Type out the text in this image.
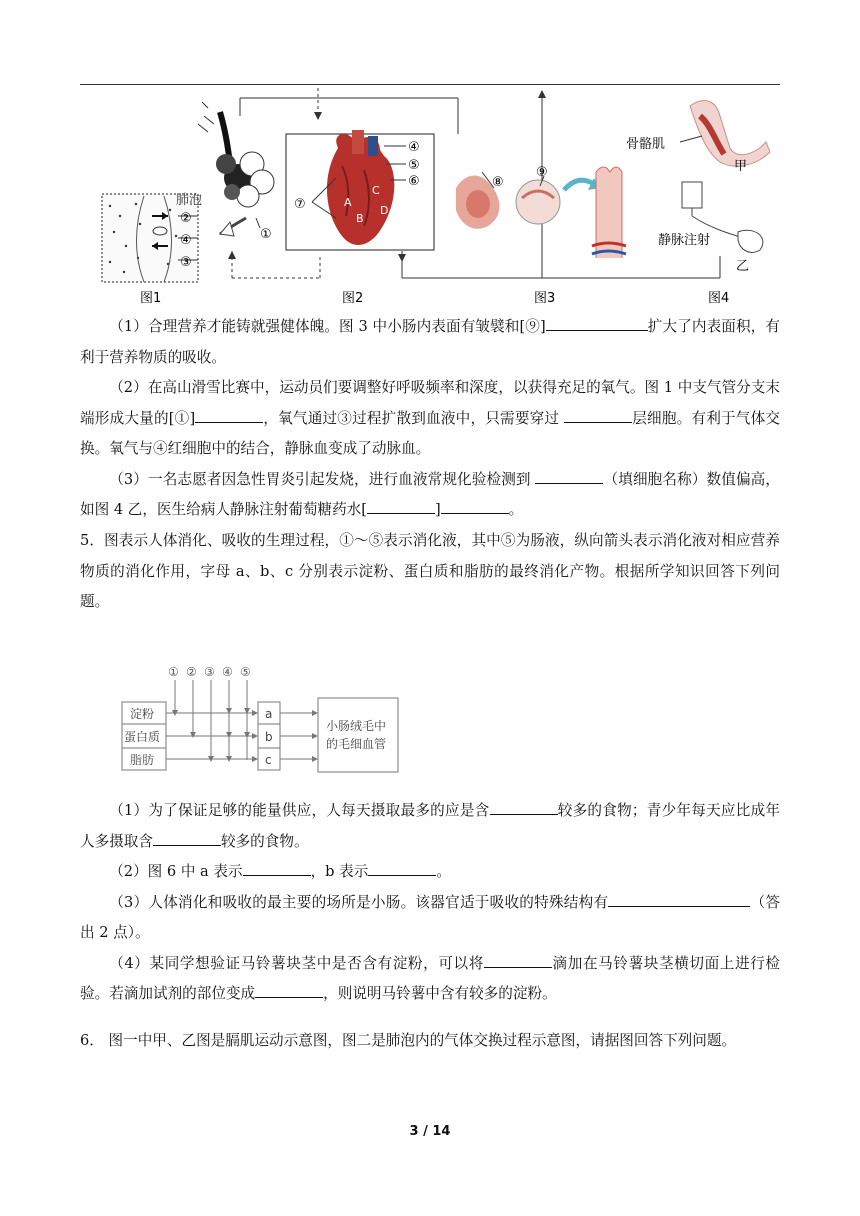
肺泡
②
④
③
①
图1
A
B
C
D
④
⑤
⑥
⑦
图2
⑧
⑨
图3
骨骼肌
甲
静脉注射
乙
图4

（1）合理营养才能铸就强健体魄。图 3 中小肠内表面有皱襞和[⑨]	扩大了内表面积，有利于营养物质的吸收。

（2）在高山滑雪比赛中，运动员们要调整好呼吸频率和深度，以获得充足的氧气。图 1 中支气管分支末端形成大量的[①]	，氧气通过③过程扩散到血液中，只需要穿过	层细胞。有利于气体交换。氧气与④红细胞中的结合，静脉血变成了动脉血。

（3）一名志愿者因急性胃炎引起发烧，进行血液常规化验检测到	（填细胞名称）数值偏高，如图 4 乙，医生给病人静脉注射葡萄糖药水[	]	。

5．图表示人体消化、吸收的生理过程，①～⑤表示消化液，其中⑤为肠液，纵向箭头表示消化液对相应营养物质的消化作用，字母 a、b、c 分别表示淀粉、蛋白质和脂肪的最终消化产物。根据所学知识回答下列问题。

① ② ③ ④ ⑤
淀粉
蛋白质
脂肪
a
b
c
小肠绒毛中
的毛细血管

（1）为了保证足够的能量供应，人每天摄取最多的应是含	较多的食物；青少年每天应比成年人多摄取含	较多的食物。

（2）图 6 中 a 表示	，b 表示	。

（3）人体消化和吸收的最主要的场所是小肠。该器官适于吸收的特殊结构有	（答出 2 点）。

（4）某同学想验证马铃薯块茎中是否含有淀粉，可以将	滴加在马铃薯块茎横切面上进行检验。若滴加试剂的部位变成	，则说明马铃薯中含有较多的淀粉。

6． 图一中甲、乙图是膈肌运动示意图，图二是肺泡内的气体交换过程示意图，请据图回答下列问题。

3 / 14
